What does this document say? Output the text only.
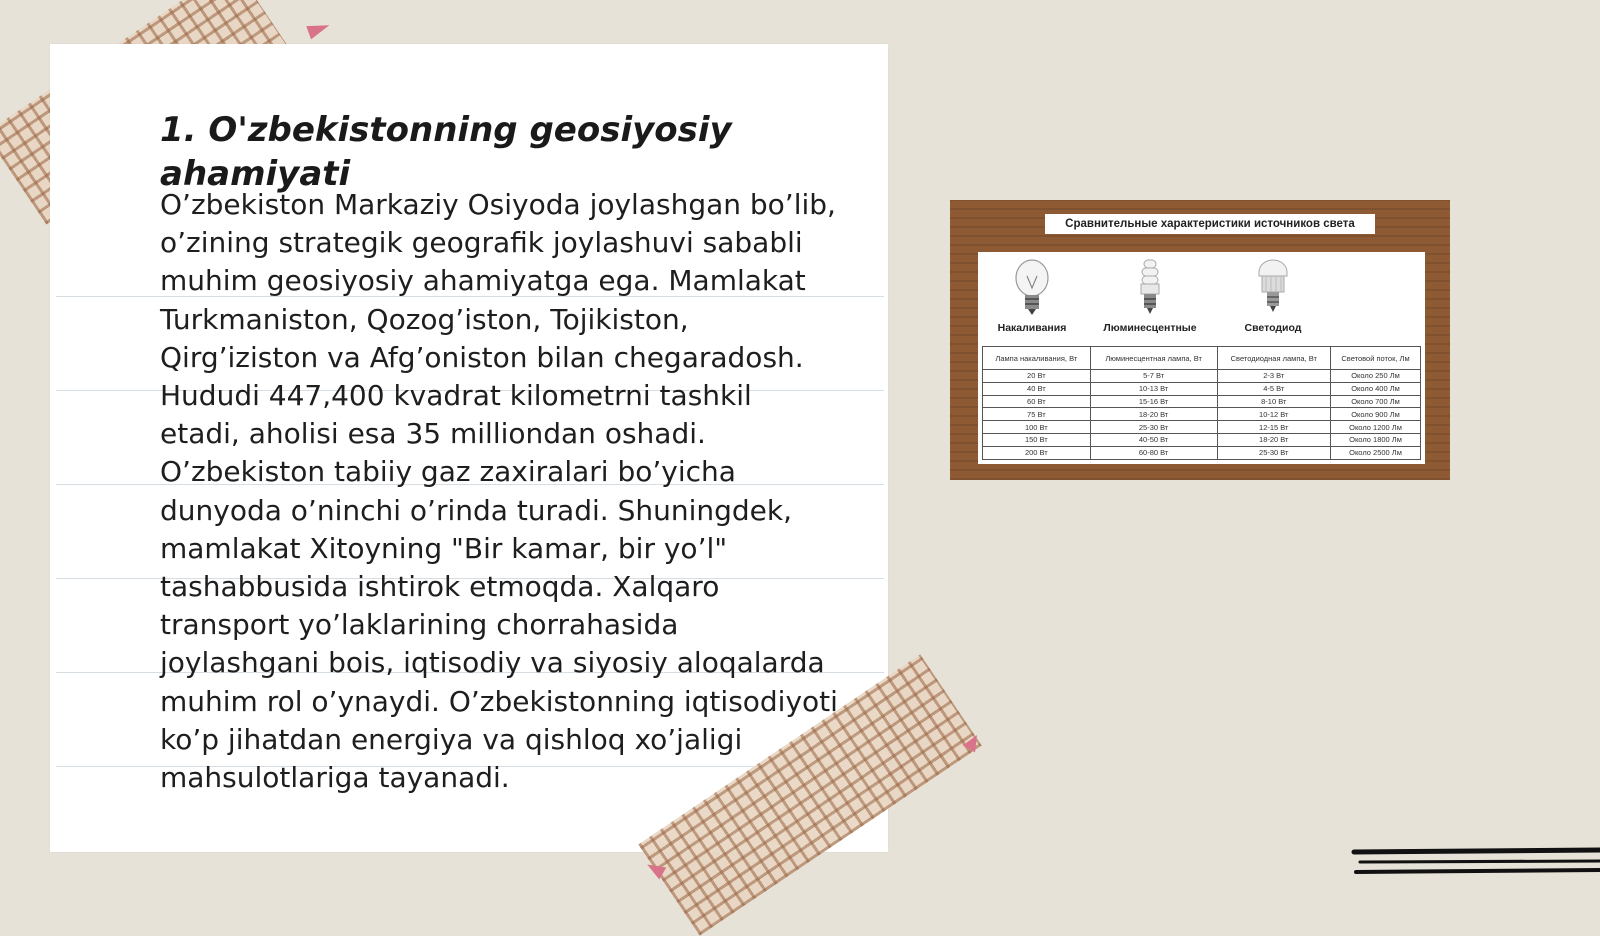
1. O'zbekistonning geosiyosiy ahamiyati

O’zbekiston Markaziy Osiyoda joylashgan bo’lib, o’zining strategik geografik joylashuvi sababli muhim geosiyosiy ahamiyatga ega. Mamlakat Turkmaniston, Qozog’iston, Tojikiston, Qirg’iziston va Afg’oniston bilan chegaradosh. Hududi 447,400 kvadrat kilometrni tashkil etadi, aholisi esa 35 milliondan oshadi. O’zbekiston tabiiy gaz zaxiralari bo’yicha dunyoda o’ninchi o’rinda turadi. Shuningdek, mamlakat Xitoyning "Bir kamar, bir yo’l" tashabbusida ishtirok etmoqda. Xalqaro transport yo’laklarining chorrahasida joylashgani bois, iqtisodiy va siyosiy aloqalarda muhim rol o’ynaydi. O’zbekistonning iqtisodiyoti ko’p jihatdan energiya va qishloq xo’jaligi mahsulotlariga tayanadi.

Сравнительные характеристики источников света
Накаливания	Люминесцентные	Светодиод
Лампа накаливания, Вт	Люминесцентная лампа, Вт	Светодиодная лампа, Вт	Световой поток, Лм
20 Вт	5-7 Вт	2-3 Вт	Около 250 Лм
40 Вт	10-13 Вт	4-5 Вт	Около 400 Лм
60 Вт	15-16 Вт	8-10 Вт	Около 700 Лм
75 Вт	18-20 Вт	10-12 Вт	Около 900 Лм
100 Вт	25-30 Вт	12-15 Вт	Около 1200 Лм
150 Вт	40-50 Вт	18-20 Вт	Около 1800 Лм
200 Вт	60-80 Вт	25-30 Вт	Около 2500 Лм
